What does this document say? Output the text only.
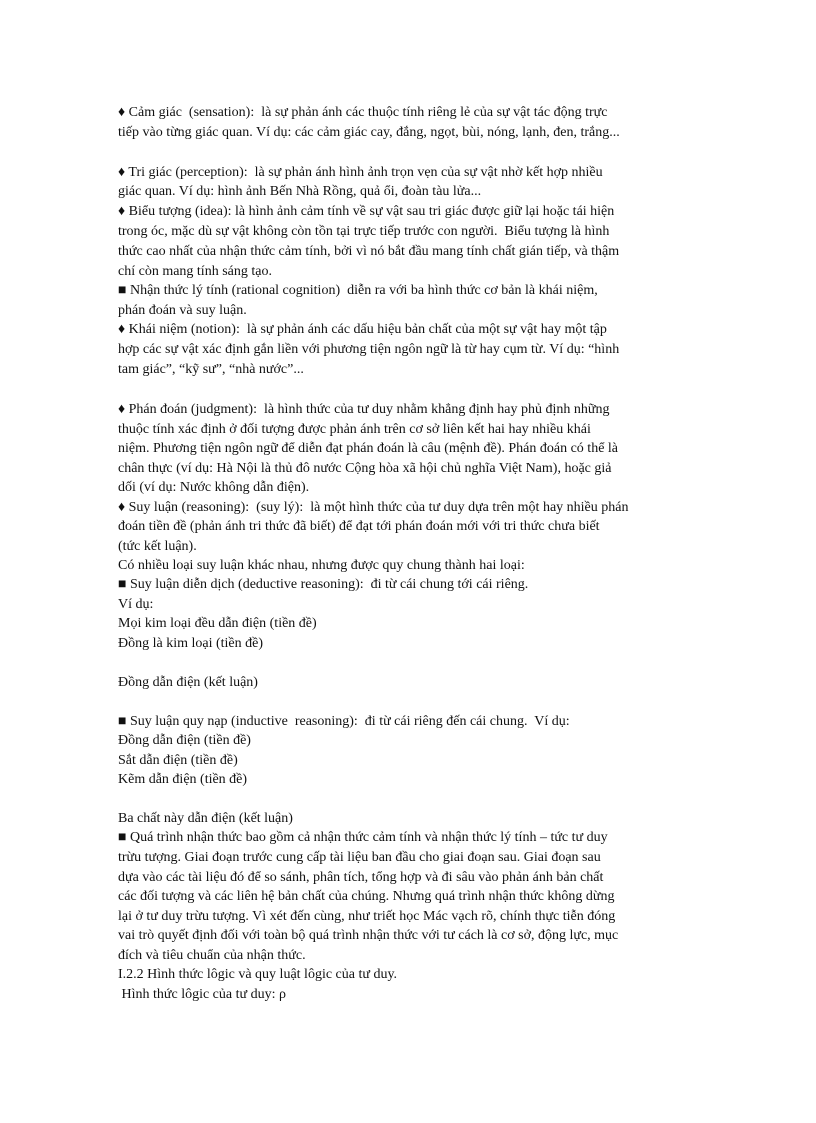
♦ Cảm giác  (sensation):  là sự phản ánh các thuộc tính riêng lẻ của sự vật tác động trực
tiếp vào từng giác quan. Ví dụ: các cảm giác cay, đắng, ngọt, bùi, nóng, lạnh, đen, trắng...
♦ Tri giác (perception):  là sự phản ánh hình ảnh trọn vẹn của sự vật nhờ kết hợp nhiều
giác quan. Ví dụ: hình ảnh Bến Nhà Rồng, quả ổi, đoàn tàu lửa...
♦ Biểu tượng (idea): là hình ảnh cảm tính về sự vật sau tri giác được giữ lại hoặc tái hiện
trong óc, mặc dù sự vật không còn tồn tại trực tiếp trước con người.  Biểu tượng là hình
thức cao nhất của nhận thức cảm tính, bởi vì nó bắt đầu mang tính chất gián tiếp, và thậm
chí còn mang tính sáng tạo.
■ Nhận thức lý tính (rational cognition)  diễn ra với ba hình thức cơ bản là khái niệm,
phán đoán và suy luận.
♦ Khái niệm (notion):  là sự phản ánh các dấu hiệu bản chất của một sự vật hay một tập
hợp các sự vật xác định gắn liền với phương tiện ngôn ngữ là từ hay cụm từ. Ví dụ: “hình
tam giác”, “kỹ sư”, “nhà nước”...
♦ Phán đoán (judgment):  là hình thức của tư duy nhằm khẳng định hay phủ định những
thuộc tính xác định ở đối tượng được phản ánh trên cơ sở liên kết hai hay nhiều khái
niệm. Phương tiện ngôn ngữ để diễn đạt phán đoán là câu (mệnh đề). Phán đoán có thể là
chân thực (ví dụ: Hà Nội là thủ đô nước Cộng hòa xã hội chủ nghĩa Việt Nam), hoặc giả
dối (ví dụ: Nước không dẫn điện).
♦ Suy luận (reasoning):  (suy lý):  là một hình thức của tư duy dựa trên một hay nhiều phán
đoán tiền đề (phản ánh tri thức đã biết) để đạt tới phán đoán mới với tri thức chưa biết
(tức kết luận).
Có nhiều loại suy luận khác nhau, nhưng được quy chung thành hai loại:
■ Suy luận diễn dịch (deductive reasoning):  đi từ cái chung tới cái riêng.
Ví dụ:
Mọi kim loại đều dẫn điện (tiền đề)
Đồng là kim loại (tiền đề)
Đồng dẫn điện (kết luận)
■ Suy luận quy nạp (inductive  reasoning):  đi từ cái riêng đến cái chung.  Ví dụ:
Đồng dẫn điện (tiền đề)
Sắt dẫn điện (tiền đề)
Kẽm dẫn điện (tiền đề)
Ba chất này dẫn điện (kết luận)
■ Quá trình nhận thức bao gồm cả nhận thức cảm tính và nhận thức lý tính – tức tư duy
trừu tượng. Giai đoạn trước cung cấp tài liệu ban đầu cho giai đoạn sau. Giai đoạn sau
dựa vào các tài liệu đó để so sánh, phân tích, tổng hợp và đi sâu vào phản ánh bản chất
các đối tượng và các liên hệ bản chất của chúng. Nhưng quá trình nhận thức không dừng
lại ở tư duy trừu tượng. Vì xét đến cùng, như triết học Mác vạch rõ, chính thực tiễn đóng
vai trò quyết định đối với toàn bộ quá trình nhận thức với tư cách là cơ sở, động lực, mục
đích và tiêu chuẩn của nhận thức.
I.2.2 Hình thức lôgic và quy luật lôgic của tư duy.
Hình thức lôgic của tư duy: ρ
